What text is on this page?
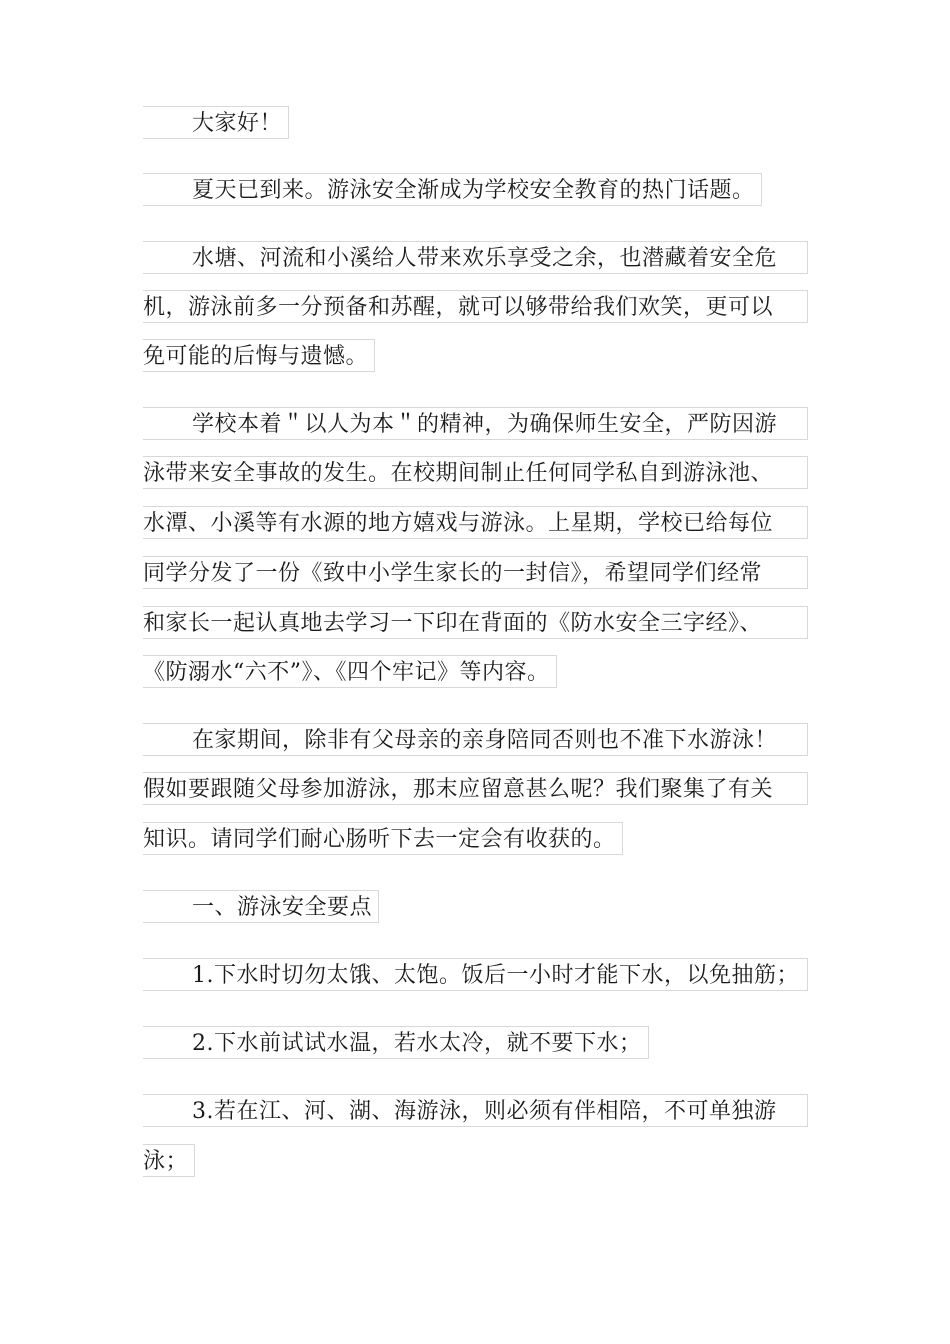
大家好！
夏天已到来。游泳安全渐成为学校安全教育的热门话题。
水塘、河流和小溪给人带来欢乐享受之余，也潜藏着安全危
机，游泳前多一分预备和苏醒，就可以够带给我们欢笑，更可以
免可能的后悔与遗憾。
学校本着＂以人为本＂的精神，为确保师生安全，严防因游
泳带来安全事故的发生。在校期间制止任何同学私自到游泳池、
水潭、小溪等有水源的地方嬉戏与游泳。上星期，学校已给每位
同学分发了一份《致中小学生家长的一封信》，希望同学们经常
和家长一起认真地去学习一下印在背面的《防水安全三字经》、
《防溺水“六不”》、《四个牢记》等内容。
在家期间，除非有父母亲的亲身陪同否则也不准下水游泳！
假如要跟随父母参加游泳，那末应留意甚么呢？我们聚集了有关
知识。请同学们耐心肠听下去一定会有收获的。
一、游泳安全要点
1.下水时切勿太饿、太饱。饭后一小时才能下水，以免抽筋；
2.下水前试试水温，若水太冷，就不要下水；
3.若在江、河、湖、海游泳，则必须有伴相陪，不可单独游
泳；
